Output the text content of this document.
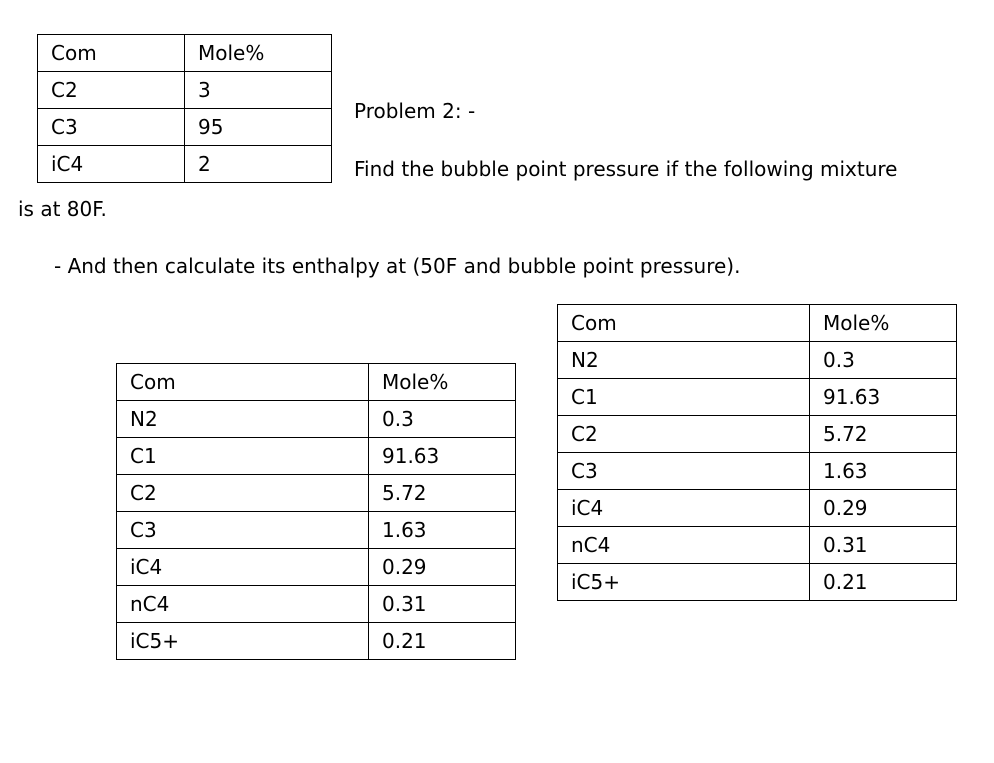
Com	Mole%
C2	3
C3	95
iC4	2
Problem 2: -
Find the bubble point pressure if the following mixture
is at 80F.
- And then calculate its enthalpy at (50F and bubble point pressure).
Com	Mole%
N2	0.3
C1	91.63
C2	5.72
C3	1.63
iC4	0.29
nC4	0.31
iC5+	0.21
Com	Mole%
N2	0.3
C1	91.63
C2	5.72
C3	1.63
iC4	0.29
nC4	0.31
iC5+	0.21
